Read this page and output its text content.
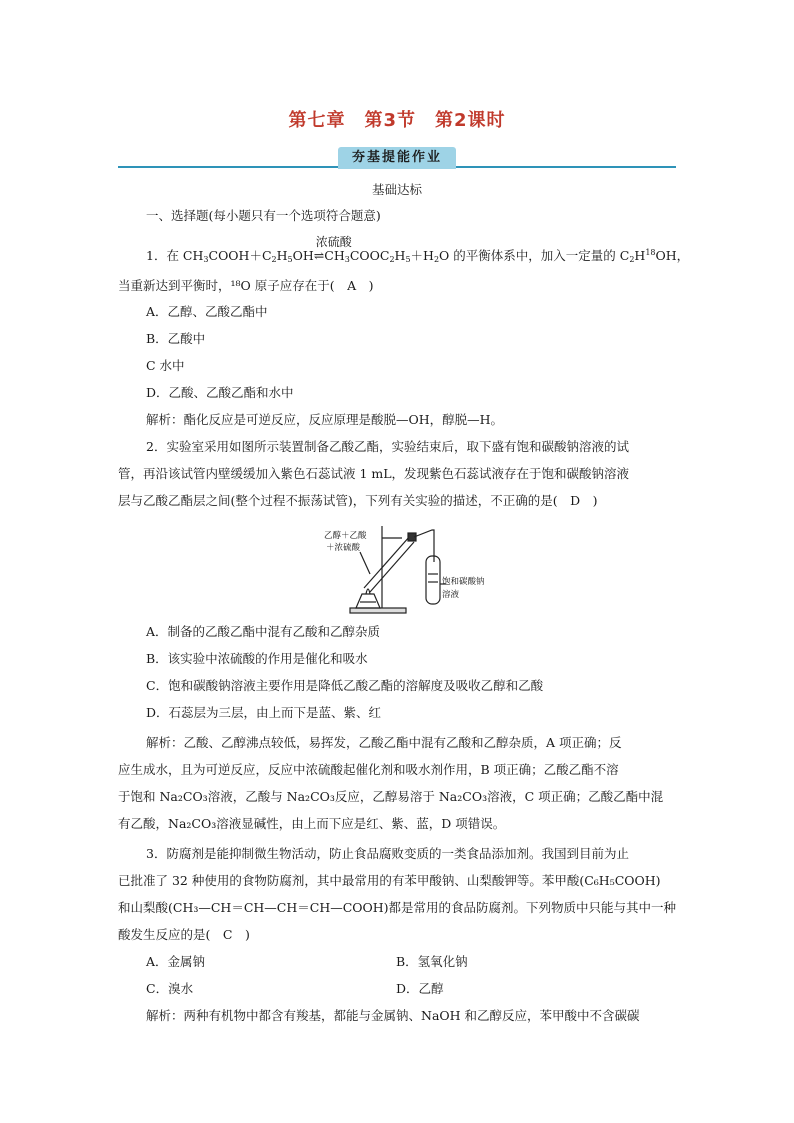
第七章　第3节　第2课时
夯基提能作业
基础达标
一、选择题(每小题只有一个选项符合题意)
1．在 $CH_3COOH+C_2H_5OH$
浓硫酸
$\rightleftharpoons CH_3COOC_2H_5+H_2O$ 的平衡体系中，加入一定量的 $C_2H^{18}OH$，
当重新达到平衡时，¹⁸O 原子应存在于(　A　)
A．乙醇、乙酸乙酯中
B．乙酸中
C 水中
D．乙酸、乙酸乙酯和水中
解析：酯化反应是可逆反应，反应原理是酸脱—OH，醇脱—H。
2．实验室采用如图所示装置制备乙酸乙酯，实验结束后，取下盛有饱和碳酸钠溶液的试
管，再沿该试管内壁缓缓加入紫色石蕊试液 1 mL，发现紫色石蕊试液存在于饱和碳酸钠溶液
层与乙酸乙酯层之间(整个过程不振荡试管)，下列有关实验的描述，不正确的是(　D　)
乙醇＋乙酸
＋浓硫酸
饱和碳酸钠
溶液
A．制备的乙酸乙酯中混有乙酸和乙醇杂质
B．该实验中浓硫酸的作用是催化和吸水
C．饱和碳酸钠溶液主要作用是降低乙酸乙酯的溶解度及吸收乙醇和乙酸
D．石蕊层为三层，由上而下是蓝、紫、红
解析：乙酸、乙醇沸点较低，易挥发，乙酸乙酯中混有乙酸和乙醇杂质，A 项正确；反
应生成水，且为可逆反应，反应中浓硫酸起催化剂和吸水剂作用，B 项正确；乙酸乙酯不溶
于饱和 Na₂CO₃溶液，乙酸与 Na₂CO₃反应，乙醇易溶于 Na₂CO₃溶液，C 项正确；乙酸乙酯中混
有乙酸，Na₂CO₃溶液显碱性，由上而下应是红、紫、蓝，D 项错误。
3．防腐剂是能抑制微生物活动，防止食品腐败变质的一类食品添加剂。我国到目前为止
已批准了 32 种使用的食物防腐剂，其中最常用的有苯甲酸钠、山梨酸钾等。苯甲酸(C₆H₅COOH)
和山梨酸(CH₃—CH＝CH—CH＝CH—COOH)都是常用的食品防腐剂。下列物质中只能与其中一种
酸发生反应的是(　C　)
A．金属钠	B．氢氧化钠
C．溴水	D．乙醇
解析：两种有机物中都含有羧基，都能与金属钠、NaOH 和乙醇反应，苯甲酸中不含碳碳
